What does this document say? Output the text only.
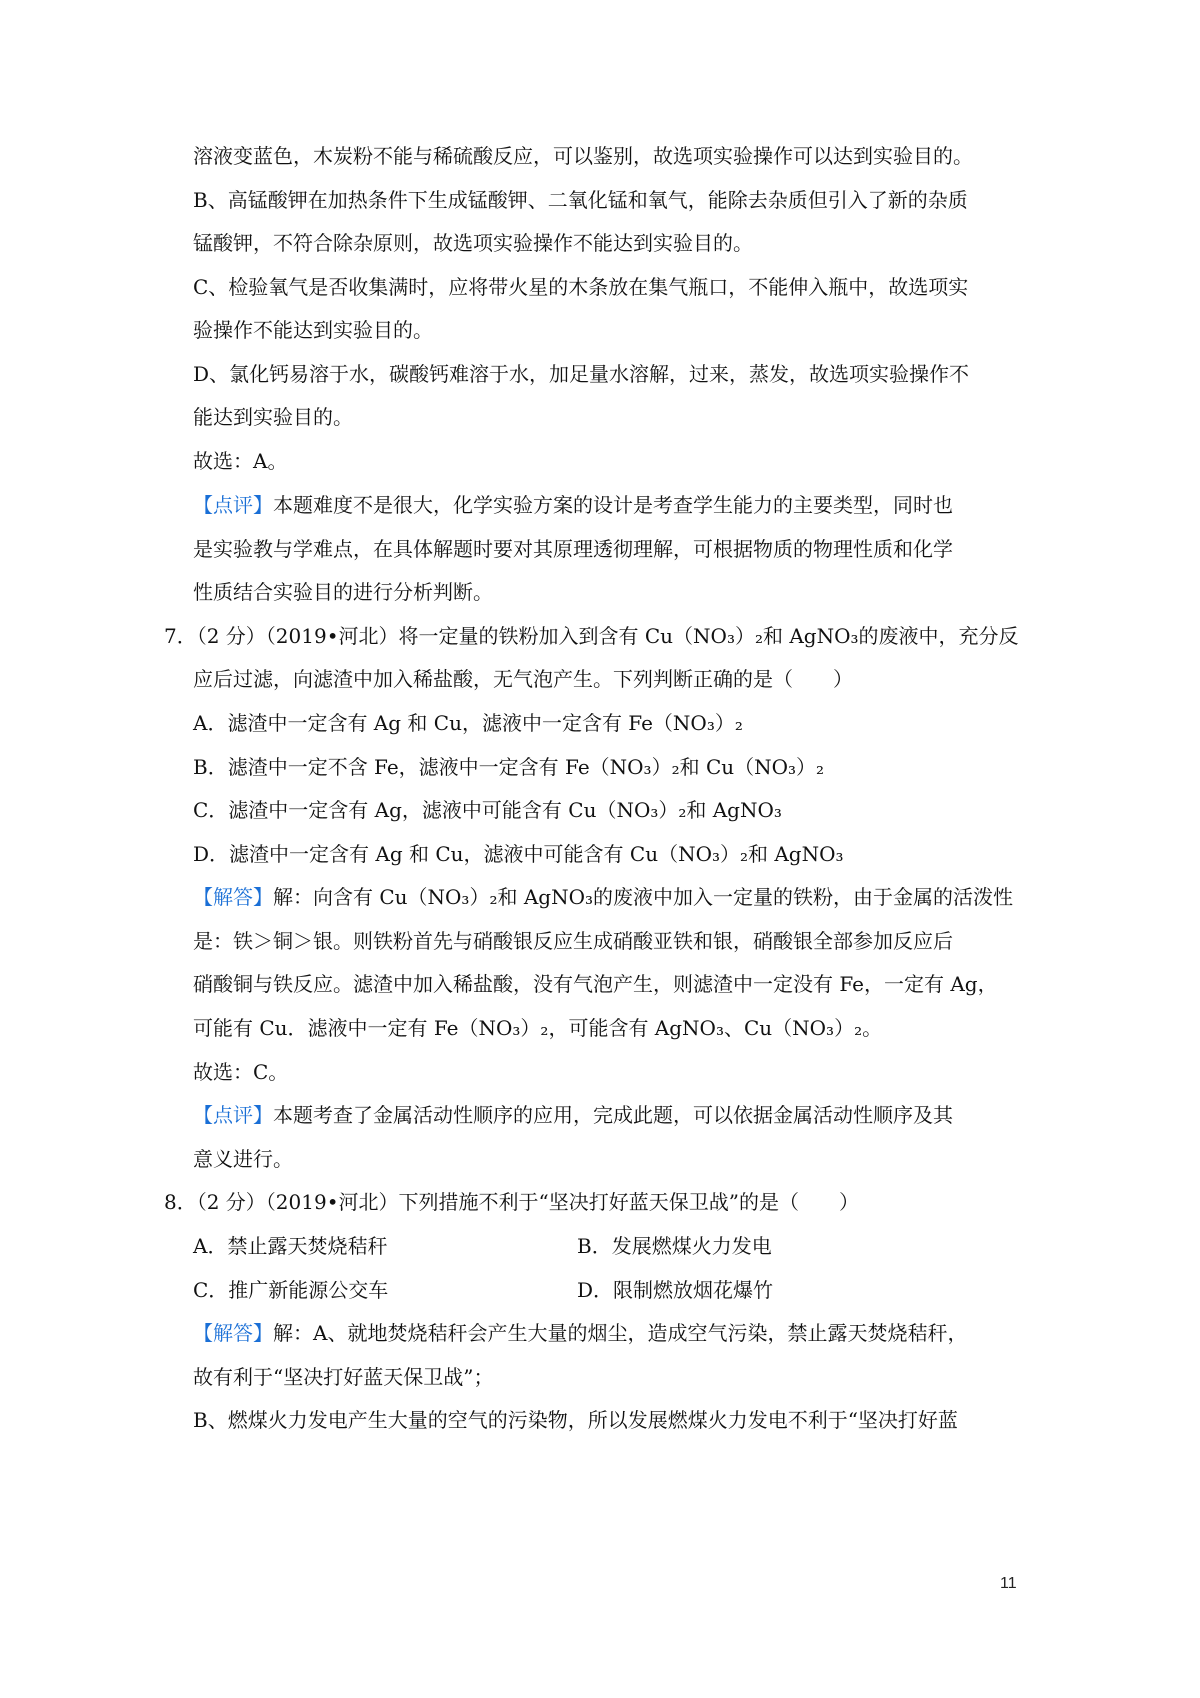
溶液变蓝色，木炭粉不能与稀硫酸反应，可以鉴别，故选项实验操作可以达到实验目的。
B、高锰酸钾在加热条件下生成锰酸钾、二氧化锰和氧气，能除去杂质但引入了新的杂质
锰酸钾，不符合除杂原则，故选项实验操作不能达到实验目的。
C、检验氧气是否收集满时，应将带火星的木条放在集气瓶口，不能伸入瓶中，故选项实
验操作不能达到实验目的。
D、氯化钙易溶于水，碳酸钙难溶于水，加足量水溶解，过来，蒸发，故选项实验操作不
能达到实验目的。
故选：A。
【点评】本题难度不是很大，化学实验方案的设计是考查学生能力的主要类型，同时也
是实验教与学难点，在具体解题时要对其原理透彻理解，可根据物质的物理性质和化学
性质结合实验目的进行分析判断。
7．（2 分）（2019•河北）将一定量的铁粉加入到含有 Cu（NO₃）₂和 AgNO₃的废液中，充分反
应后过滤，向滤渣中加入稀盐酸，无气泡产生。下列判断正确的是（　　）
A．滤渣中一定含有 Ag 和 Cu，滤液中一定含有 Fe（NO₃）₂
B．滤渣中一定不含 Fe，滤液中一定含有 Fe（NO₃）₂和 Cu（NO₃）₂
C．滤渣中一定含有 Ag，滤液中可能含有 Cu（NO₃）₂和 AgNO₃
D．滤渣中一定含有 Ag 和 Cu，滤液中可能含有 Cu（NO₃）₂和 AgNO₃
【解答】解：向含有 Cu（NO₃）₂和 AgNO₃的废液中加入一定量的铁粉，由于金属的活泼性
是：铁＞铜＞银。则铁粉首先与硝酸银反应生成硝酸亚铁和银，硝酸银全部参加反应后
硝酸铜与铁反应。滤渣中加入稀盐酸，没有气泡产生，则滤渣中一定没有 Fe，一定有 Ag，
可能有 Cu．滤液中一定有 Fe（NO₃）₂，可能含有 AgNO₃、Cu（NO₃）₂。
故选：C。
【点评】本题考查了金属活动性顺序的应用，完成此题，可以依据金属活动性顺序及其
意义进行。
8．（2 分）（2019•河北）下列措施不利于“坚决打好蓝天保卫战”的是（　　）
A．禁止露天焚烧秸秆	B．发展燃煤火力发电
C．推广新能源公交车	D．限制燃放烟花爆竹
【解答】解：A、就地焚烧秸秆会产生大量的烟尘，造成空气污染，禁止露天焚烧秸秆，
故有利于“坚决打好蓝天保卫战”；
B、燃煤火力发电产生大量的空气的污染物，所以发展燃煤火力发电不利于“坚决打好蓝
11
